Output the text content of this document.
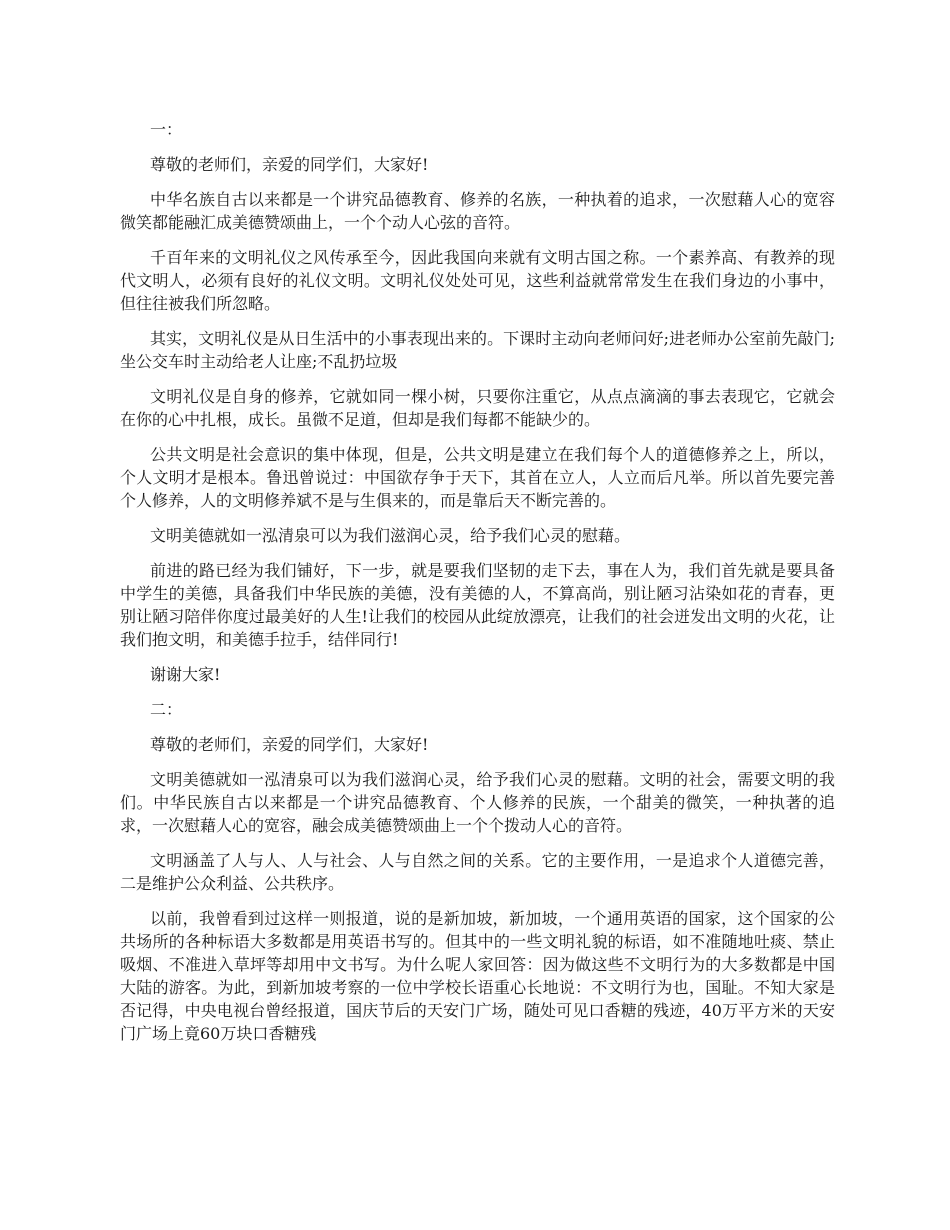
一：

尊敬的老师们，亲爱的同学们，大家好!

中华名族自古以来都是一个讲究品德教育、修养的名族，一种执着的追求，一次慰藉人心的宽容微笑都能融汇成美德赞颂曲上，一个个动人心弦的音符。

千百年来的文明礼仪之风传承至今，因此我国向来就有文明古国之称。一个素养高、有教养的现代文明人，必须有良好的礼仪文明。文明礼仪处处可见，这些利益就常常发生在我们身边的小事中，但往往被我们所忽略。

其实，文明礼仪是从日生活中的小事表现出来的。下课时主动向老师问好;进老师办公室前先敲门;坐公交车时主动给老人让座;不乱扔垃圾

文明礼仪是自身的修养，它就如同一棵小树，只要你注重它，从点点滴滴的事去表现它，它就会在你的心中扎根，成长。虽微不足道，但却是我们每都不能缺少的。

公共文明是社会意识的集中体现，但是，公共文明是建立在我们每个人的道德修养之上，所以，个人文明才是根本。鲁迅曾说过：中国欲存争于天下，其首在立人，人立而后凡举。所以首先要完善个人修养，人的文明修养斌不是与生俱来的，而是靠后天不断完善的。

文明美德就如一泓清泉可以为我们滋润心灵，给予我们心灵的慰藉。

前进的路已经为我们铺好，下一步，就是要我们坚韧的走下去，事在人为，我们首先就是要具备中学生的美德，具备我们中华民族的美德，没有美德的人，不算高尚，别让陋习沾染如花的青春，更别让陋习陪伴你度过最美好的人生!让我们的校园从此绽放漂亮，让我们的社会迸发出文明的火花，让我们抱文明，和美德手拉手，结伴同行!

谢谢大家!

二：

尊敬的老师们，亲爱的同学们，大家好!

文明美德就如一泓清泉可以为我们滋润心灵，给予我们心灵的慰藉。文明的社会，需要文明的我们。中华民族自古以来都是一个讲究品德教育、个人修养的民族，一个甜美的微笑，一种执著的追求，一次慰藉人心的宽容，融会成美德赞颂曲上一个个拨动人心的音符。

文明涵盖了人与人、人与社会、人与自然之间的关系。它的主要作用，一是追求个人道德完善，二是维护公众利益、公共秩序。

以前，我曾看到过这样一则报道，说的是新加坡，新加坡，一个通用英语的国家，这个国家的公共场所的各种标语大多数都是用英语书写的。但其中的一些文明礼貌的标语，如不准随地吐痰、禁止吸烟、不准进入草坪等却用中文书写。为什么呢人家回答：因为做这些不文明行为的大多数都是中国大陆的游客。为此，到新加坡考察的一位中学校长语重心长地说：不文明行为也，国耻。不知大家是否记得，中央电视台曾经报道，国庆节后的天安门广场，随处可见口香糖的残迹，40万平方米的天安门广场上竟60万块口香糖残
